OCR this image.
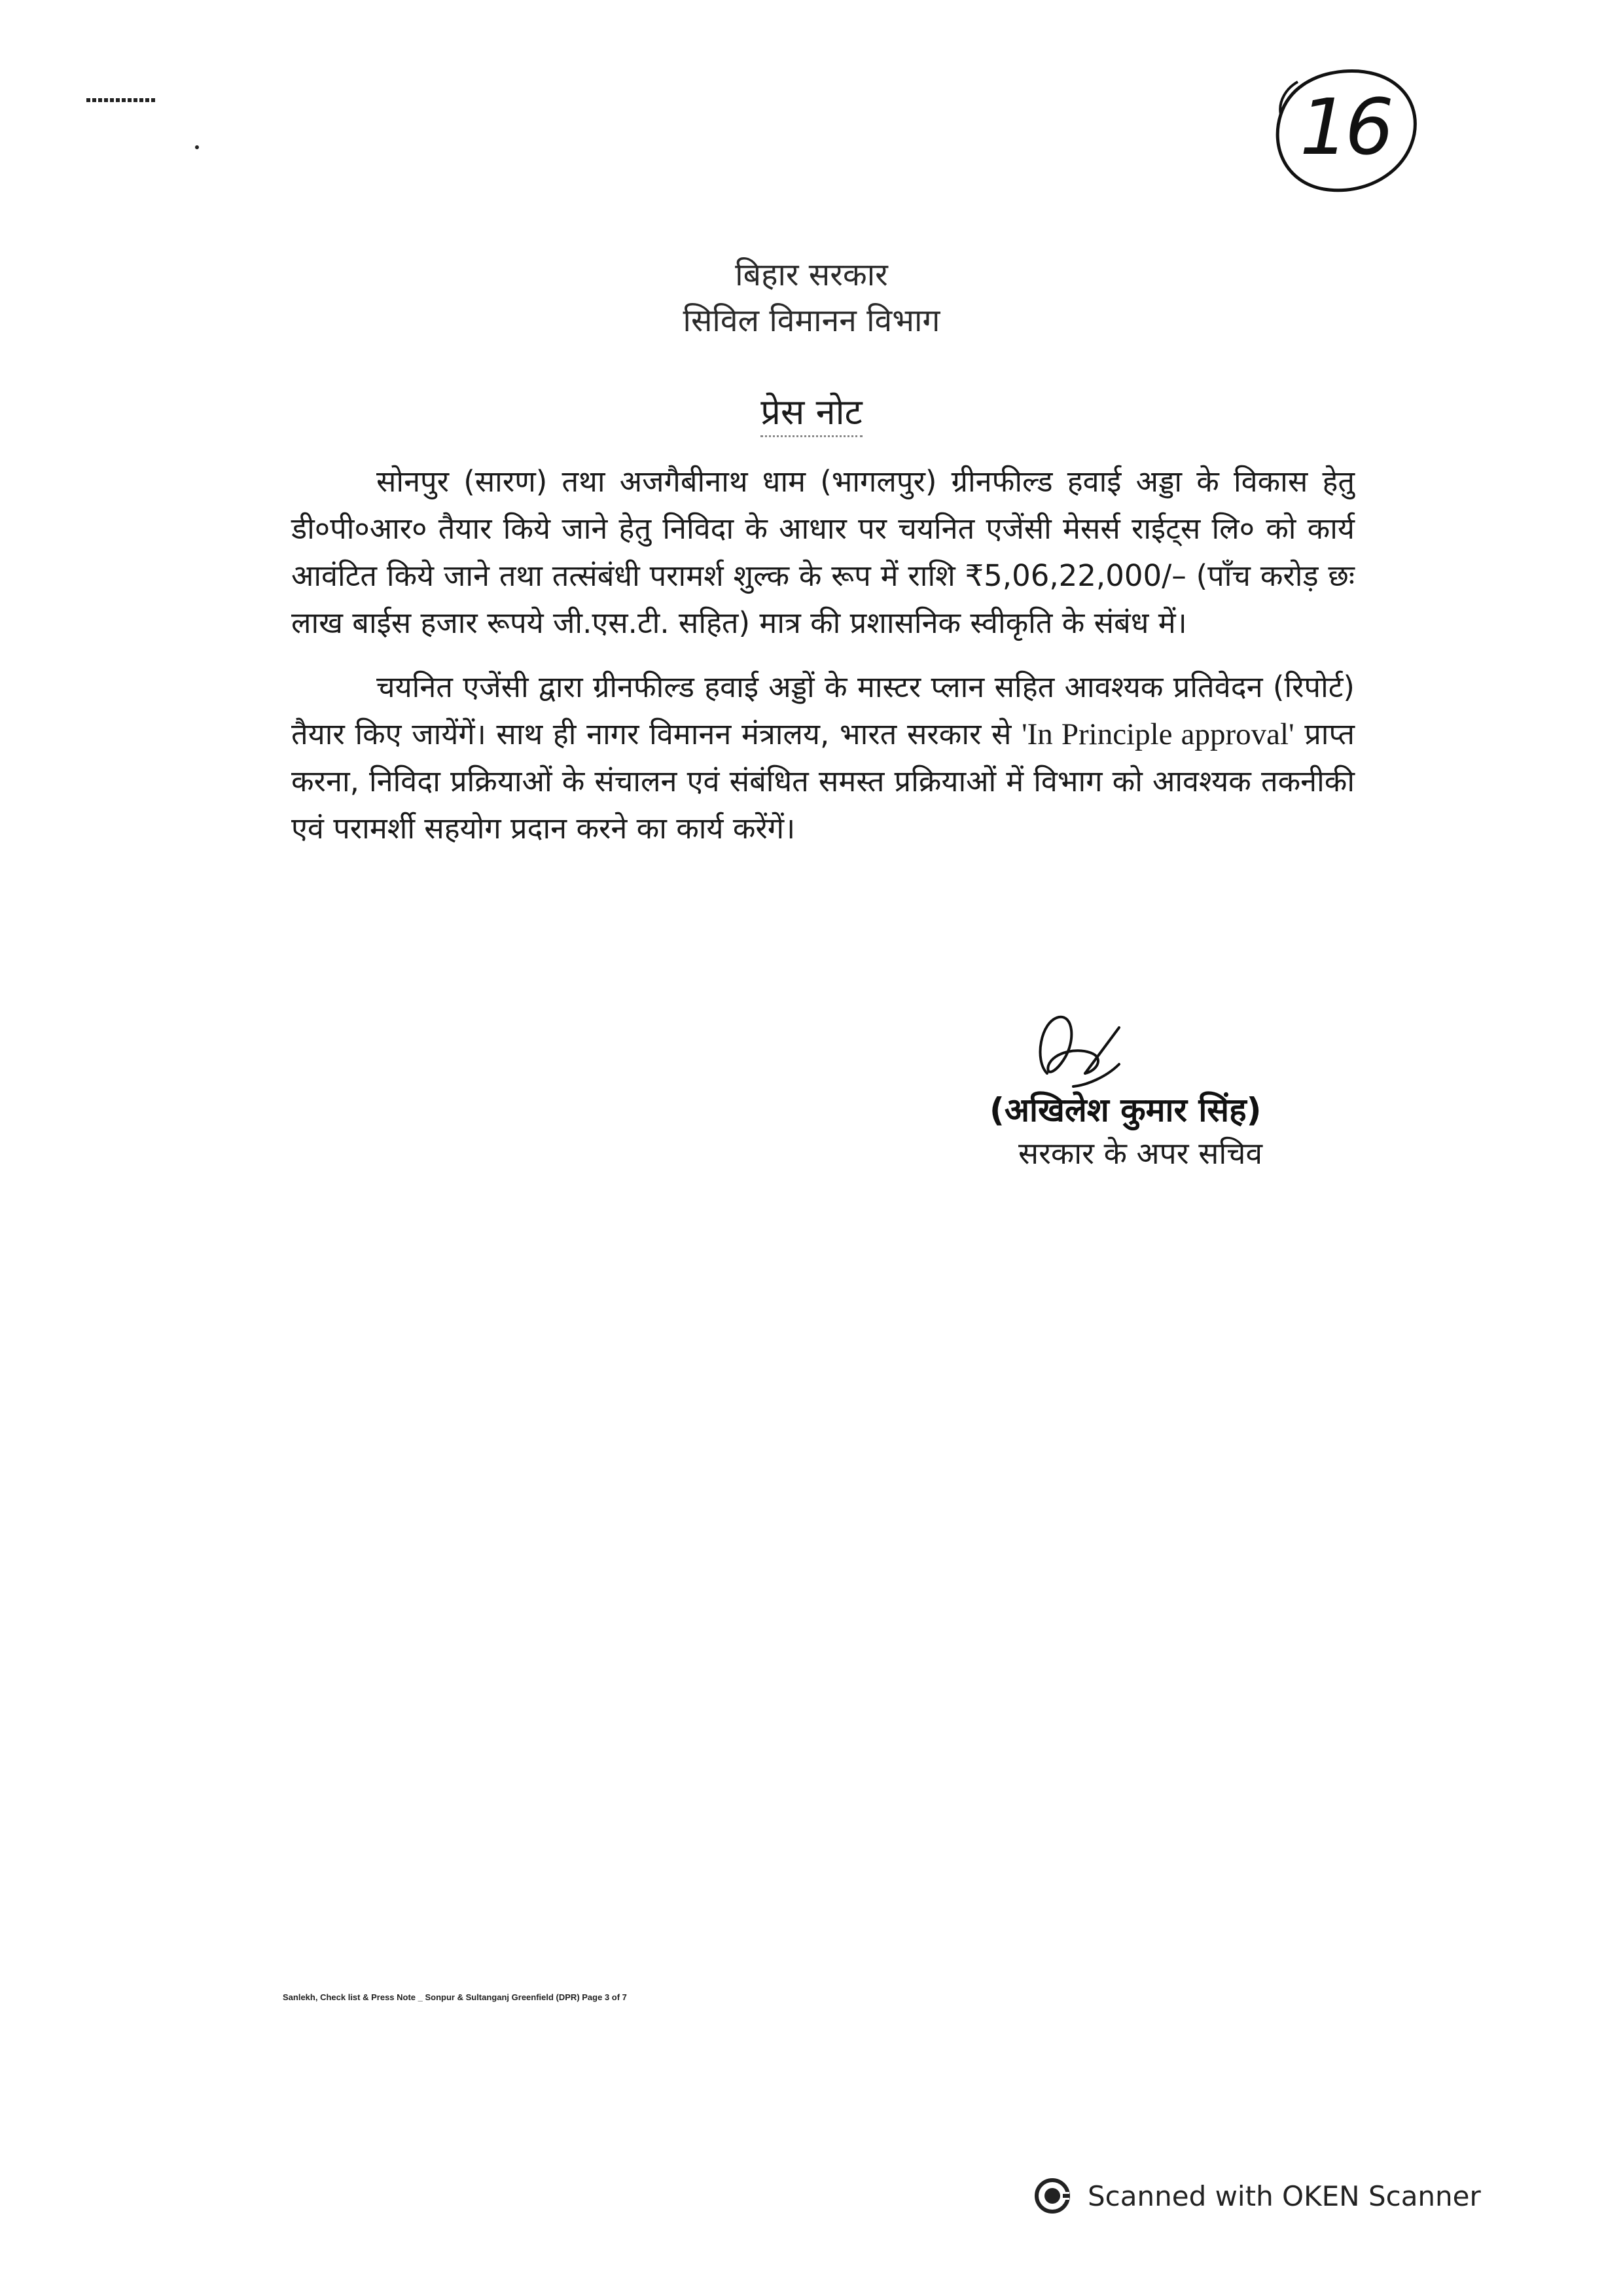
16
बिहार सरकार
सिविल विमानन विभाग
प्रेस नोट

सोनपुर (सारण) तथा अजगैबीनाथ धाम (भागलपुर) ग्रीनफील्ड हवाई अड्डा के विकास हेतु डी०पी०आर० तैयार किये जाने हेतु निविदा के आधार पर चयनित एजेंसी मेसर्स राईट्स लि० को कार्य आवंटित किये जाने तथा तत्संबंधी परामर्श शुल्क के रूप में राशि ₹5,06,22,000/– (पाँच करोड़ छः लाख बाईस हजार रूपये जी.एस.टी. सहित) मात्र की प्रशासनिक स्वीकृति के संबंध में।

चयनित एजेंसी द्वारा ग्रीनफील्ड हवाई अड्डों के मास्टर प्लान सहित आवश्यक प्रतिवेदन (रिपोर्ट) तैयार किए जायेंगें। साथ ही नागर विमानन मंत्रालय, भारत सरकार से 'In Principle approval' प्राप्त करना, निविदा प्रक्रियाओं के संचालन एवं संबंधित समस्त प्रक्रियाओं में विभाग को आवश्यक तकनीकी एवं परामर्शी सहयोग प्रदान करने का कार्य करेंगें।

(अखिलेश कुमार सिंह)
सरकार के अपर सचिव
Sanlekh, Check list & Press Note _ Sonpur & Sultanganj Greenfield (DPR) Page 3 of 7
Scanned with OKEN Scanner
